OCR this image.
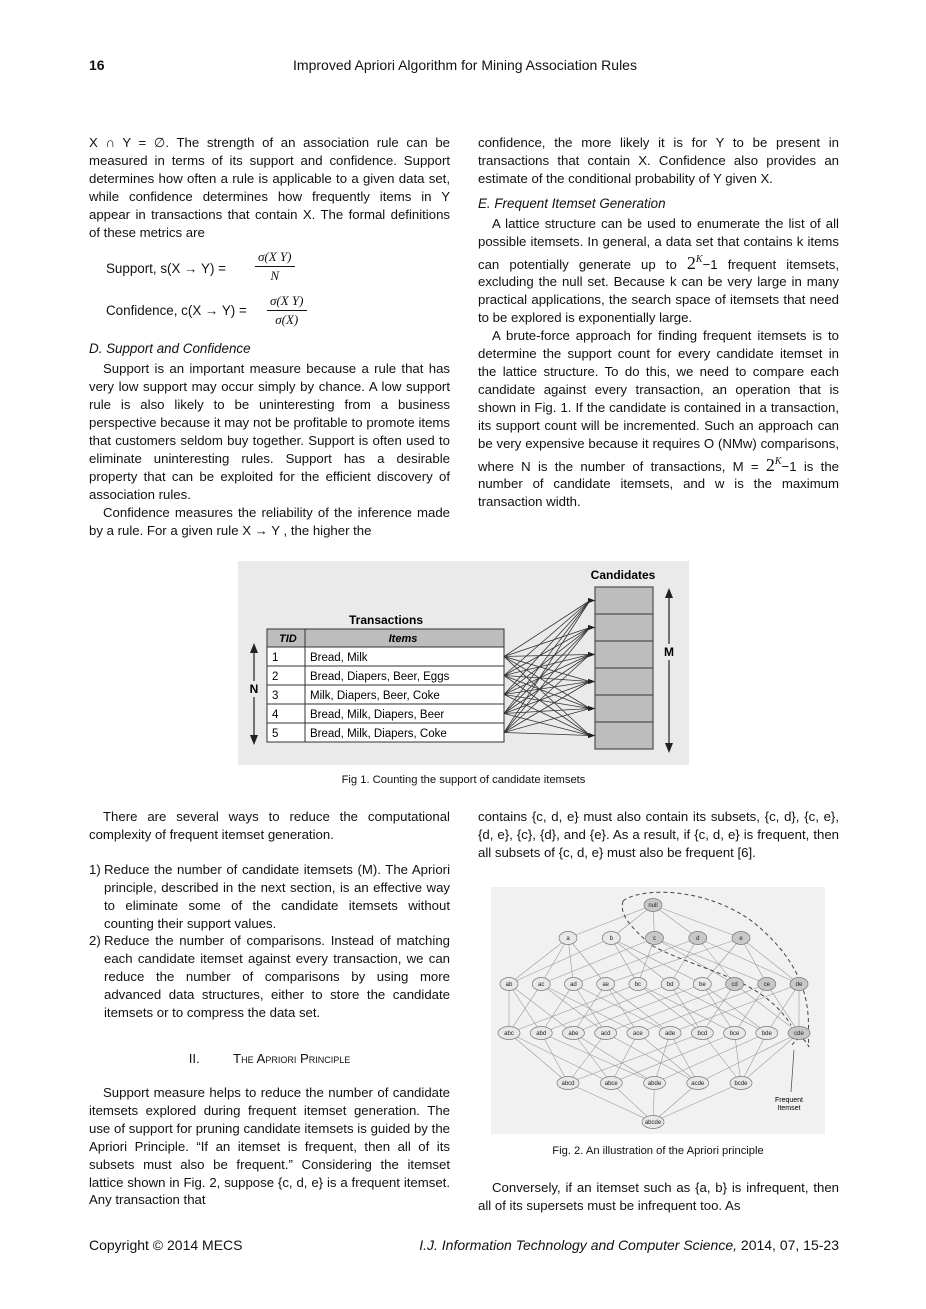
16	Improved Apriori Algorithm for Mining Association Rules

X ∩ Y = ∅. The strength of an association rule can be measured in terms of its support and confidence. Support determines how often a rule is applicable to a given data set, while confidence determines how frequently items in Y appear in transactions that contain X. The formal definitions of these metrics are

Support, $s(X \to Y) = \frac{\text{σ(X Y)}}{N}$
Confidence, $c(X \to Y) = \frac{\text{σ(X Y)}}{\sigma(X)}$

D. Support and Confidence

Support is an important measure because a rule that has very low support may occur simply by chance. A low support rule is also likely to be uninteresting from a business perspective because it may not be profitable to promote items that customers seldom buy together. Support is often used to eliminate uninteresting rules. Support has a desirable property that can be exploited for the efficient discovery of association rules.

Confidence measures the reliability of the inference made by a rule. For a given rule X → Y , the higher the

confidence, the more likely it is for Y to be present in transactions that contain X. Confidence also provides an estimate of the conditional probability of Y given X.

E. Frequent Itemset Generation

A lattice structure can be used to enumerate the list of all possible itemsets. In general, a data set that contains k items can potentially generate up to $2^K-1$ frequent itemsets, excluding the null set. Because k can be very large in many practical applications, the search space of itemsets that need to be explored is exponentially large.

A brute-force approach for finding frequent itemsets is to determine the support count for every candidate itemset in the lattice structure. To do this, we need to compare each candidate against every transaction, an operation that is shown in Fig. 1. If the candidate is contained in a transaction, its support count will be incremented. Such an approach can be very expensive because it requires O (NMw) comparisons, where N is the number of transactions, $M = 2^K-1$ is the number of candidate itemsets, and w is the maximum transaction width.

Candidates
Transactions
TID	Items
1	Bread, Milk
2	Bread, Diapers, Beer, Eggs
3	Milk, Diapers, Beer, Coke
4	Bread, Milk, Diapers, Beer
5	Bread, Milk, Diapers, Coke
N
M
Fig 1. Counting the support of candidate itemsets

There are several ways to reduce the computational complexity of frequent itemset generation.

1) Reduce the number of candidate itemsets (M). The Apriori principle, described in the next section, is an effective way to eliminate some of the candidate itemsets without counting their support values.
2) Reduce the number of comparisons. Instead of matching each candidate itemset against every transaction, we can reduce the number of comparisons by using more advanced data structures, either to store the candidate itemsets or to compress the data set.
II.	The Apriori Principle

Support measure helps to reduce the number of candidate itemsets explored during frequent itemset generation. The use of support for pruning candidate itemsets is guided by the Apriori Principle. “If an itemset is frequent, then all of its subsets must also be frequent.” Considering the itemset lattice shown in Fig. 2, suppose {c, d, e} is a frequent itemset. Any transaction that

contains {c, d, e} must also contain its subsets, {c, d}, {c, e}, {d, e}, {c}, {d}, and {e}. As a result, if {c, d, e} is frequent, then all subsets of {c, d, e} must also be frequent [6].

null
a	b	c	d	e
ab	ac	ad	ae	bc	bd	be	cd	ce	de
abc	abd	abe	acd	ace	ade	bcd	bce	bde	cde
abcd	abce	abde	acde	bcde
abcde
Frequent
Itemset
Fig. 2. An illustration of the Apriori principle

Conversely, if an itemset such as {a, b} is infrequent, then all of its supersets must be infrequent too. As

Copyright © 2014 MECS	I.J. Information Technology and Computer Science, 2014, 07, 15-23
